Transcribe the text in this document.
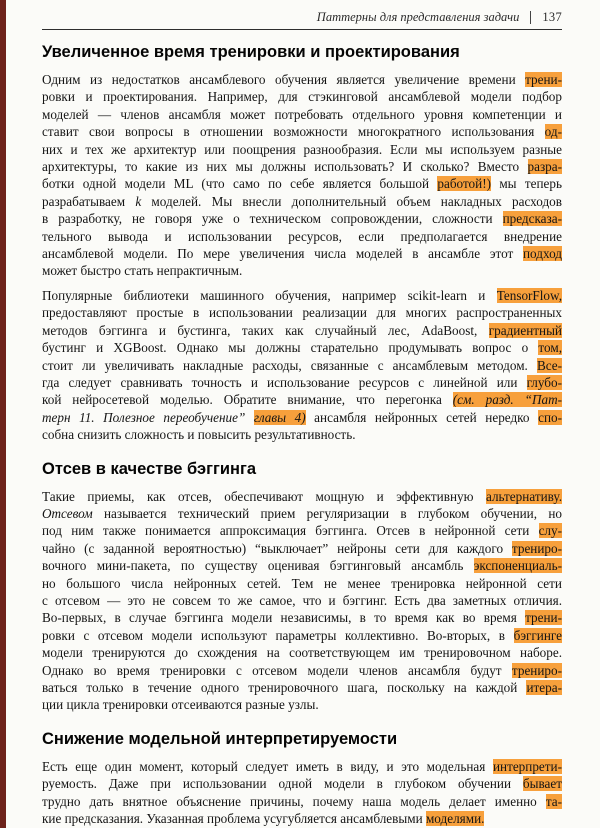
Паттерны для представления задачи 137
Увеличенное время тренировки и проектирования
Одним из недостатков ансамблевого обучения является увеличение времени трени-
ровки и проектирования. Например, для стэкинговой ансамблевой модели подбор
моделей — членов ансамбля может потребовать отдельного уровня компетенции и
ставит свои вопросы в отношении возможности многократного использования од-
них и тех же архитектур или поощрения разнообразия. Если мы используем разные
архитектуры, то какие из них мы должны использовать? И сколько? Вместо разра-
ботки одной модели ML (что само по себе является большой работой!) мы теперь
разрабатываем k моделей. Мы внесли дополнительный объем накладных расходов
в разработку, не говоря уже о техническом сопровождении, сложности предсказа-
тельного вывода и использовании ресурсов, если предполагается внедрение
ансамблевой модели. По мере увеличения числа моделей в ансамбле этот подход
может быстро стать непрактичным.
Популярные библиотеки машинного обучения, например scikit-learn и TensorFlow,
предоставляют простые в использовании реализации для многих распространенных
методов бэггинга и бустинга, таких как случайный лес, AdaBoost, градиентный
бустинг и XGBoost. Однако мы должны старательно продумывать вопрос о том,
стоит ли увеличивать накладные расходы, связанные с ансамблевым методом. Все-
гда следует сравнивать точность и использование ресурсов с линейной или глубо-
кой нейросетевой моделью. Обратите внимание, что перегонка (см. разд. “Пат-
терн 11. Полезное переобучение” главы 4) ансамбля нейронных сетей нередко спо-
собна снизить сложность и повысить результативность.
Отсев в качестве бэггинга
Такие приемы, как отсев, обеспечивают мощную и эффективную альтернативу.
Отсевом называется технический прием регуляризации в глубоком обучении, но
под ним также понимается аппроксимация бэггинга. Отсев в нейронной сети слу-
чайно (с заданной вероятностью) “выключает” нейроны сети для каждого трениро-
вочного мини-пакета, по существу оценивая бэггинговый ансамбль экспоненциаль-
но большого числа нейронных сетей. Тем не менее тренировка нейронной сети
с отсевом — это не совсем то же самое, что и бэггинг. Есть два заметных отличия.
Во-первых, в случае бэггинга модели независимы, в то время как во время трени-
ровки с отсевом модели используют параметры коллективно. Во-вторых, в бэггинге
модели тренируются до схождения на соответствующем им тренировочном наборе.
Однако во время тренировки с отсевом модели членов ансамбля будут трениро-
ваться только в течение одного тренировочного шага, поскольку на каждой итера-
ции цикла тренировки отсеиваются разные узлы.
Снижение модельной интерпретируемости
Есть еще один момент, который следует иметь в виду, и это модельная интерпрети-
руемость. Даже при использовании одной модели в глубоком обучении бывает
трудно дать внятное объяснение причины, почему наша модель делает именно та-
кие предсказания. Указанная проблема усугубляется ансамблевыми моделями.
